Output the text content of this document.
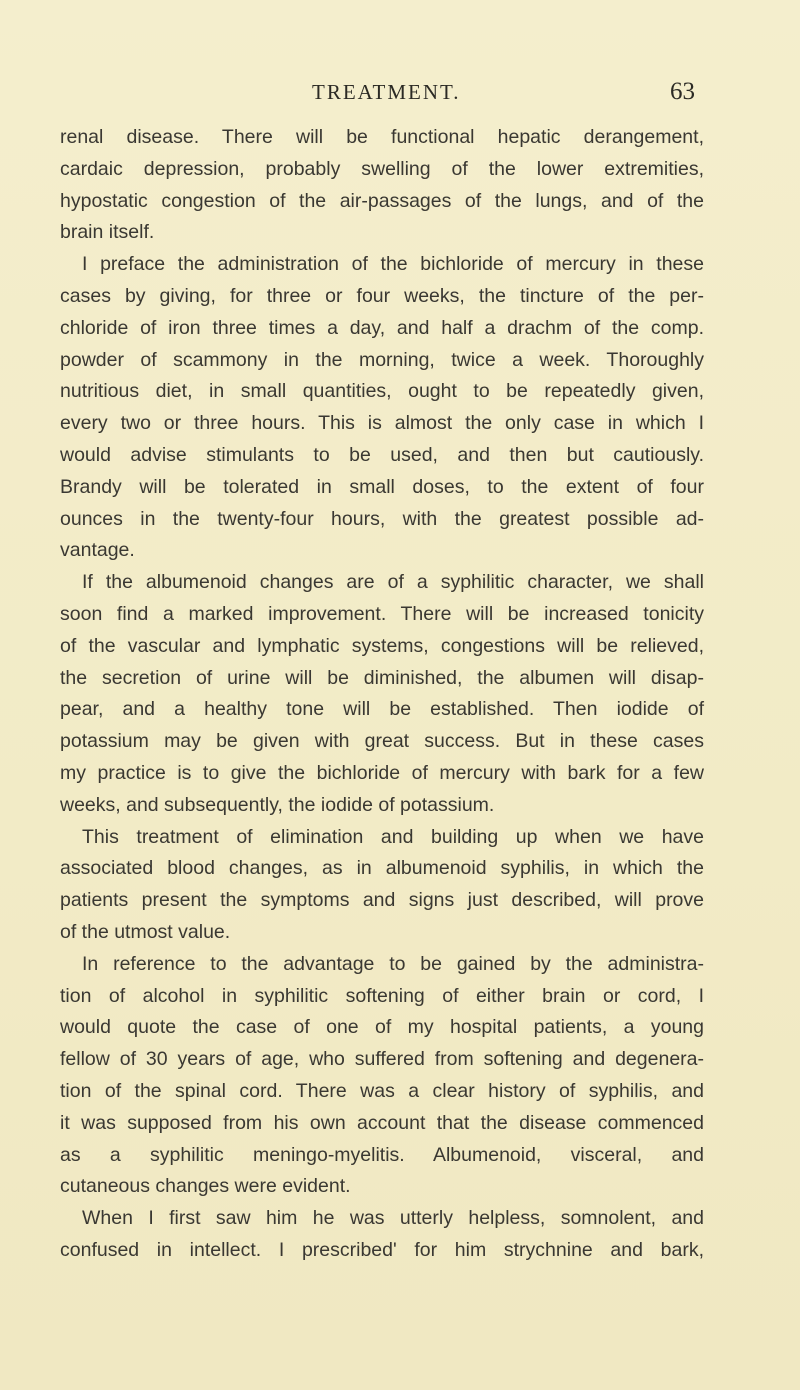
TREATMENT.	63
renal disease. There will be functional hepatic derangement,
cardaic depression, probably swelling of the lower extremities,
hypostatic congestion of the air-passages of the lungs, and of the
brain itself.
I preface the administration of the bichloride of mercury in these
cases by giving, for three or four weeks, the tincture of the per-
chloride of iron three times a day, and half a drachm of the comp.
powder of scammony in the morning, twice a week. Thoroughly
nutritious diet, in small quantities, ought to be repeatedly given,
every two or three hours. This is almost the only case in which I
would advise stimulants to be used, and then but cautiously.
Brandy will be tolerated in small doses, to the extent of four
ounces in the twenty-four hours, with the greatest possible ad-
vantage.
If the albumenoid changes are of a syphilitic character, we shall
soon find a marked improvement. There will be increased tonicity
of the vascular and lymphatic systems, congestions will be relieved,
the secretion of urine will be diminished, the albumen will disap-
pear, and a healthy tone will be established. Then iodide of
potassium may be given with great success. But in these cases
my practice is to give the bichloride of mercury with bark for a few
weeks, and subsequently, the iodide of potassium.
This treatment of elimination and building up when we have
associated blood changes, as in albumenoid syphilis, in which the
patients present the symptoms and signs just described, will prove
of the utmost value.
In reference to the advantage to be gained by the administra-
tion of alcohol in syphilitic softening of either brain or cord, I
would quote the case of one of my hospital patients, a young
fellow of 30 years of age, who suffered from softening and degenera-
tion of the spinal cord. There was a clear history of syphilis, and
it was supposed from his own account that the disease commenced
as a syphilitic meningo-myelitis. Albumenoid, visceral, and
cutaneous changes were evident.
When I first saw him he was utterly helpless, somnolent, and
confused in intellect. I prescribed' for him strychnine and bark,
